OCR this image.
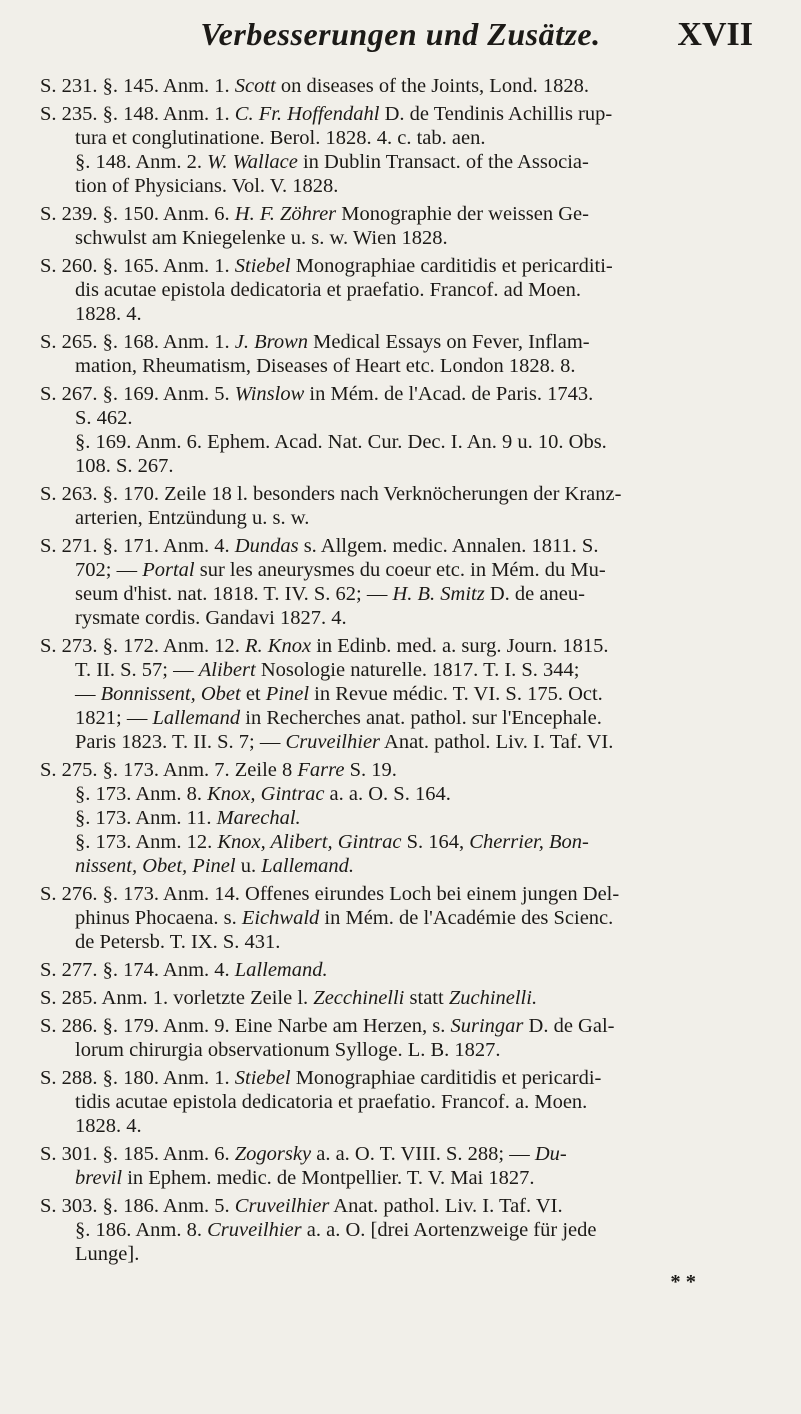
Verbesserungen und Zusätze.	XVII
S. 231. §. 145. Anm. 1. Scott on diseases of the Joints, Lond. 1828.
S. 235. §. 148. Anm. 1. C. Fr. Hoffendahl D. de Tendinis Achillis rup-
tura et conglutinatione. Berol. 1828. 4. c. tab. aen.
§. 148. Anm. 2. W. Wallace in Dublin Transact. of the Associa-
tion of Physicians. Vol. V. 1828.
S. 239. §. 150. Anm. 6. H. F. Zöhrer Monographie der weissen Ge-
schwulst am Kniegelenke u. s. w. Wien 1828.
S. 260. §. 165. Anm. 1. Stiebel Monographiae carditidis et pericarditi-
dis acutae epistola dedicatoria et praefatio. Francof. ad Moen.
1828. 4.
S. 265. §. 168. Anm. 1. J. Brown Medical Essays on Fever, Inflam-
mation, Rheumatism, Diseases of Heart etc. London 1828. 8.
S. 267. §. 169. Anm. 5. Winslow in Mém. de l'Acad. de Paris. 1743.
S. 462.
§. 169. Anm. 6. Ephem. Acad. Nat. Cur. Dec. I. An. 9 u. 10. Obs.
108. S. 267.
S. 263. §. 170. Zeile 18 l. besonders nach Verknöcherungen der Kranz-
arterien, Entzündung u. s. w.
S. 271. §. 171. Anm. 4. Dundas s. Allgem. medic. Annalen. 1811. S.
702; — Portal sur les aneurysmes du coeur etc. in Mém. du Mu-
seum d'hist. nat. 1818. T. IV. S. 62; — H. B. Smitz D. de aneu-
rysmate cordis. Gandavi 1827. 4.
S. 273. §. 172. Anm. 12. R. Knox in Edinb. med. a. surg. Journ. 1815.
T. II. S. 57; — Alibert Nosologie naturelle. 1817. T. I. S. 344;
— Bonnissent, Obet et Pinel in Revue médic. T. VI. S. 175. Oct.
1821; — Lallemand in Recherches anat. pathol. sur l'Encephale.
Paris 1823. T. II. S. 7; — Cruveilhier Anat. pathol. Liv. I. Taf. VI.
S. 275. §. 173. Anm. 7. Zeile 8 Farre S. 19.
§. 173. Anm. 8. Knox, Gintrac a. a. O. S. 164.
§. 173. Anm. 11. Marechal.
§. 173. Anm. 12. Knox, Alibert, Gintrac S. 164, Cherrier, Bon-
nissent, Obet, Pinel u. Lallemand.
S. 276. §. 173. Anm. 14. Offenes eirundes Loch bei einem jungen Del-
phinus Phocaena. s. Eichwald in Mém. de l'Académie des Scienc.
de Petersb. T. IX. S. 431.
S. 277. §. 174. Anm. 4. Lallemand.
S. 285. Anm. 1. vorletzte Zeile l. Zecchinelli statt Zuchinelli.
S. 286. §. 179. Anm. 9. Eine Narbe am Herzen, s. Suringar D. de Gal-
lorum chirurgia observationum Sylloge. L. B. 1827.
S. 288. §. 180. Anm. 1. Stiebel Monographiae carditidis et pericardi-
tidis acutae epistola dedicatoria et praefatio. Francof. a. Moen.
1828. 4.
S. 301. §. 185. Anm. 6. Zogorsky a. a. O. T. VIII. S. 288; — Du-
brevil in Ephem. medic. de Montpellier. T. V. Mai 1827.
S. 303. §. 186. Anm. 5. Cruveilhier Anat. pathol. Liv. I. Taf. VI.
§. 186. Anm. 8. Cruveilhier a. a. O. [drei Aortenzweige für jede
Lunge].
* *
